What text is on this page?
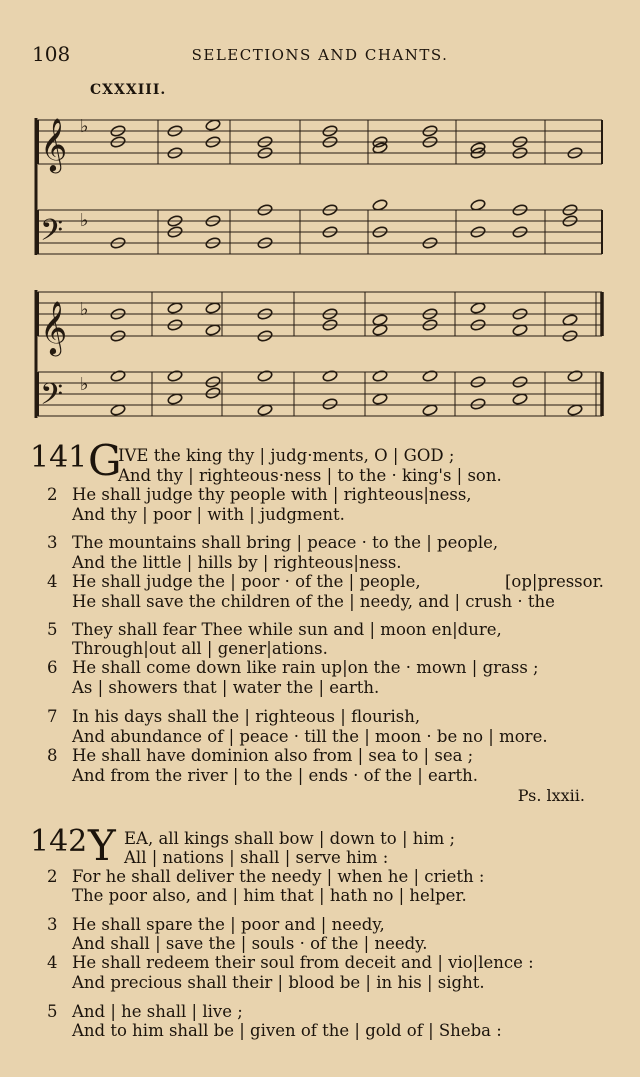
108	SELECTIONS AND CHANTS.
CXXXIII.
𝄞
𝄢
𝄞
𝄢
♭
♭
♭
♭
141 G
IVE the king thy | judg·ments, O | GOD ;
And thy | righteous·ness | to the · king's | son.
2 He shall judge thy people with | righteous|ness,
And thy | poor | with | judgment.
3 The mountains shall bring | peace · to the | people,
And the little | hills by | righteous|ness.
4 He shall judge the | poor · of the | people,	[op|pressor.
He shall save the children of the | needy, and | crush · the
5 They shall fear Thee while sun and | moon en|dure,
Through|out all | gener|ations.
6 He shall come down like rain up|on the · mown | grass ;
As | showers that | water the | earth.
7 In his days shall the | righteous | flourish,
And abundance of | peace · till the | moon · be no | more.
8 He shall have dominion also from | sea to | sea ;
And from the river | to the | ends · of the | earth.
Ps. lxxii.
142 Y EA, all kings shall bow | down to | him ;
All | nations | shall | serve him :
2 For he shall deliver the needy | when he | crieth :
The poor also, and | him that | hath no | helper.
3 He shall spare the | poor and | needy,
And shall | save the | souls · of the | needy.
4 He shall redeem their soul from deceit and | vio|lence :
And precious shall their | blood be | in his | sight.
5 And | he shall | live ;
And to him shall be | given of the | gold of | Sheba :
